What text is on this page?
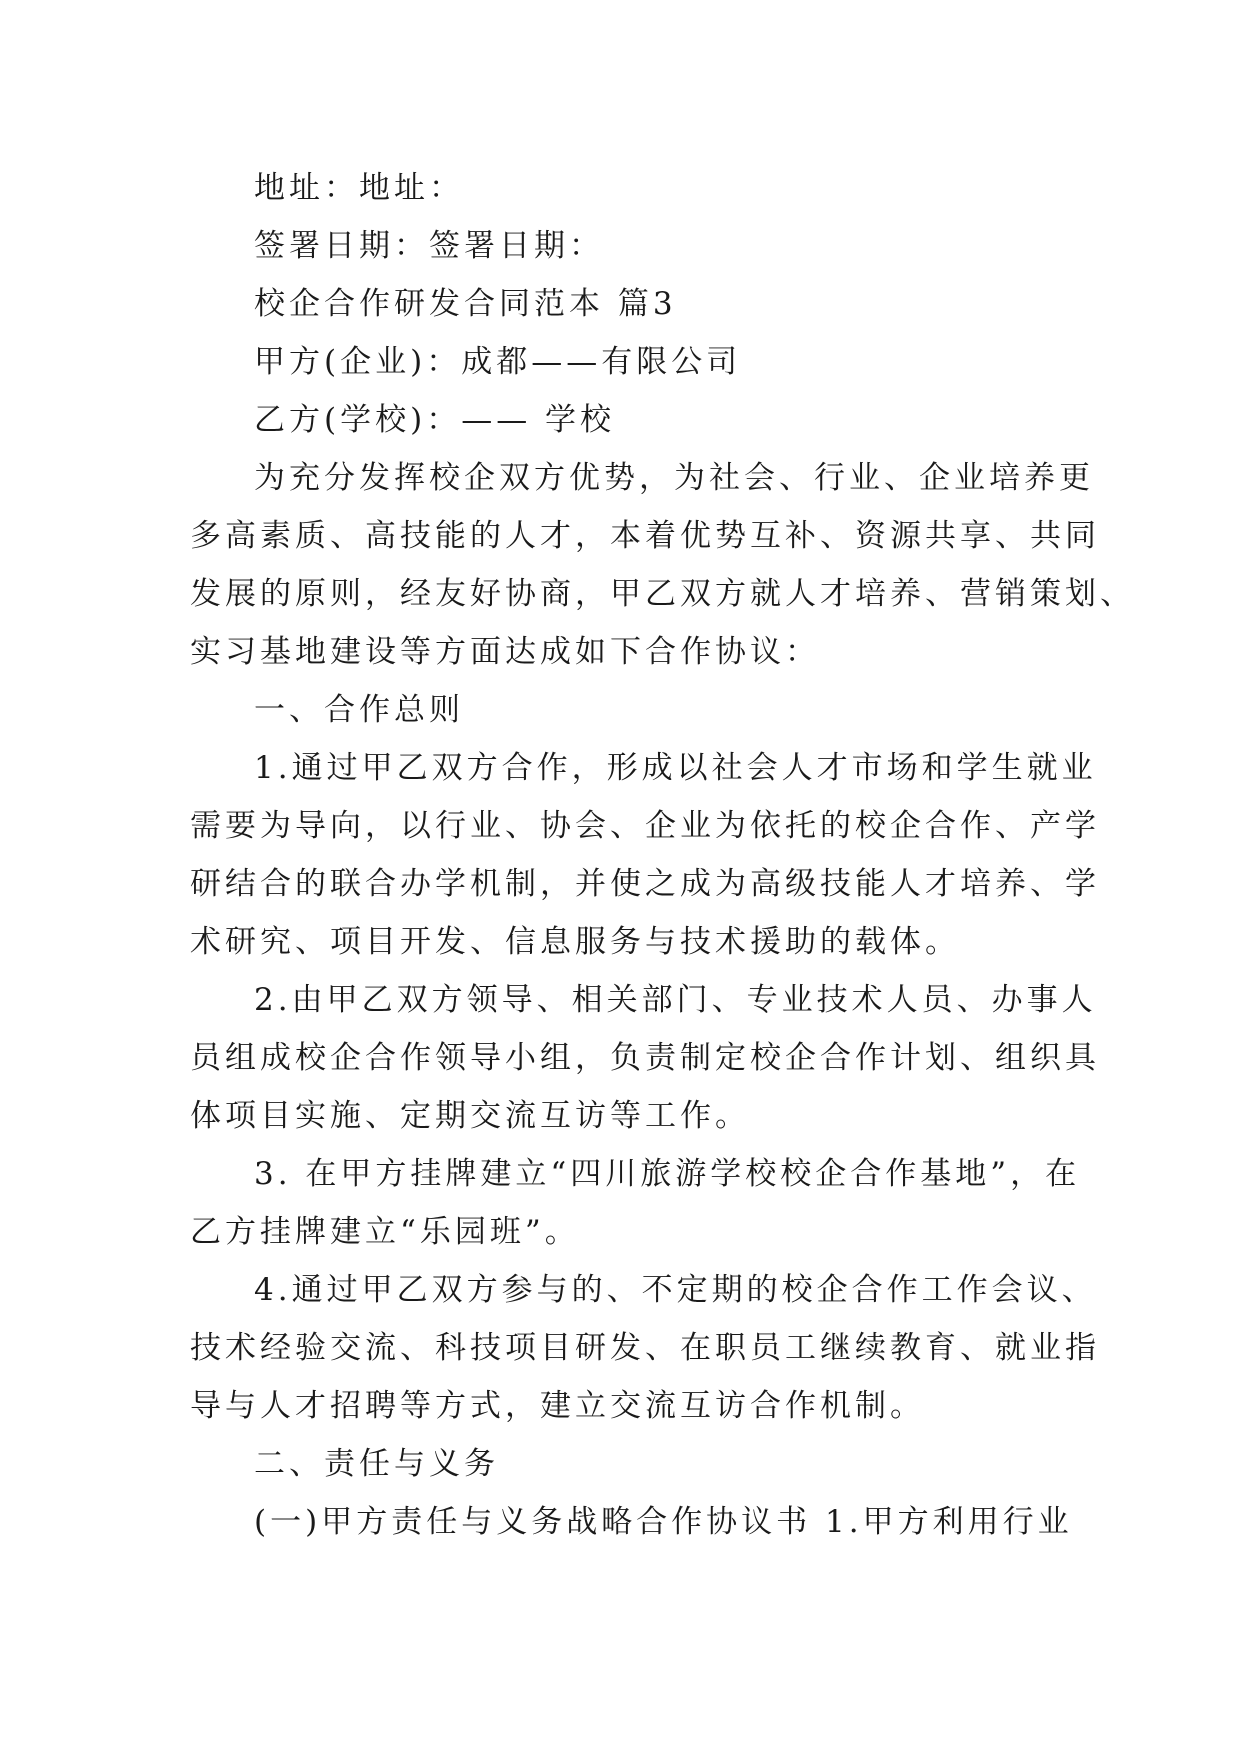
地址：地址：
签署日期：签署日期：
校企合作研发合同范本 篇3
甲方(企业)：成都——有限公司
乙方(学校)：—— 学校
为充分发挥校企双方优势，为社会、行业、企业培养更
多高素质、高技能的人才，本着优势互补、资源共享、共同
发展的原则，经友好协商，甲乙双方就人才培养、营销策划、
实习基地建设等方面达成如下合作协议：
一、合作总则
1.通过甲乙双方合作，形成以社会人才市场和学生就业
需要为导向，以行业、协会、企业为依托的校企合作、产学
研结合的联合办学机制，并使之成为高级技能人才培养、学
术研究、项目开发、信息服务与技术援助的载体。
2.由甲乙双方领导、相关部门、专业技术人员、办事人
员组成校企合作领导小组，负责制定校企合作计划、组织具
体项目实施、定期交流互访等工作。
3. 在甲方挂牌建立“四川旅游学校校企合作基地”，在
乙方挂牌建立“乐园班”。
4.通过甲乙双方参与的、不定期的校企合作工作会议、
技术经验交流、科技项目研发、在职员工继续教育、就业指
导与人才招聘等方式，建立交流互访合作机制。
二、责任与义务
(一)甲方责任与义务战略合作协议书 1.甲方利用行业
